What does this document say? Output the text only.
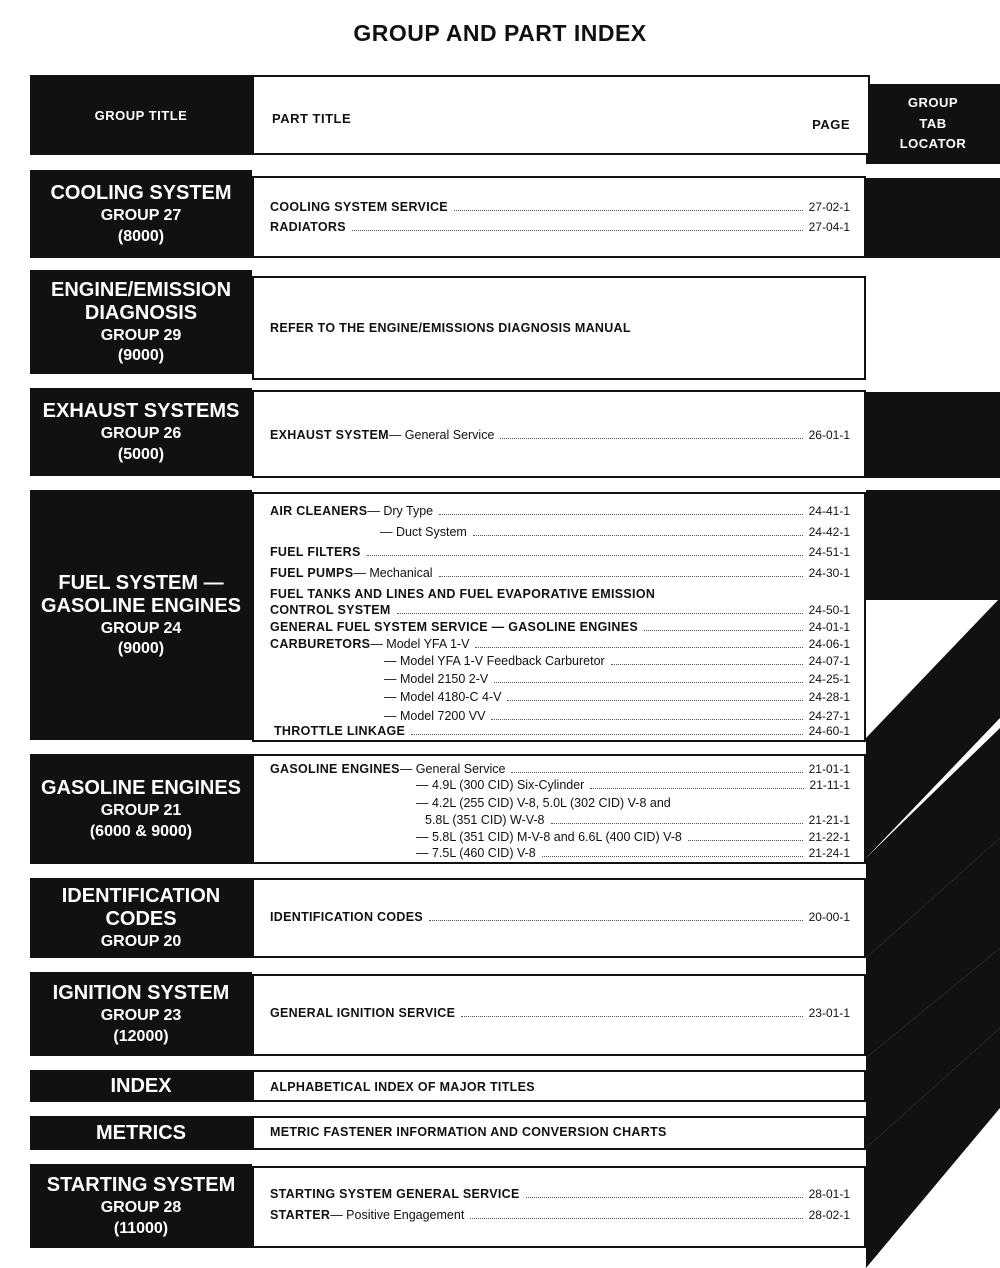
GROUP AND PART INDEX
GROUP TITLE	PART TITLE	PAGE
GROUP
TAB
LOCATOR
COOLING SYSTEM
GROUP 27
(8000)
COOLING SYSTEM SERVICE	27-02-1
RADIATORS	27-04-1
ENGINE/EMISSION
DIAGNOSIS
GROUP 29
(9000)
REFER TO THE ENGINE/EMISSIONS DIAGNOSIS MANUAL
EXHAUST SYSTEMS
GROUP 26
(5000)
EXHAUST SYSTEM — General Service	26-01-1
FUEL SYSTEM —
GASOLINE ENGINES
GROUP 24
(9000)
AIR CLEANERS — Dry Type	24-41-1
— Duct System	24-42-1
FUEL FILTERS	24-51-1
FUEL PUMPS — Mechanical	24-30-1
FUEL TANKS AND LINES AND FUEL EVAPORATIVE EMISSION
CONTROL SYSTEM	24-50-1
GENERAL FUEL SYSTEM SERVICE — GASOLINE ENGINES	24-01-1
CARBURETORS — Model YFA 1-V	24-06-1
— Model YFA 1-V Feedback Carburetor	24-07-1
— Model 2150 2-V	24-25-1
— Model 4180-C 4-V	24-28-1
— Model 7200 VV	24-27-1
THROTTLE LINKAGE	24-60-1
GASOLINE ENGINES
GROUP 21
(6000 & 9000)
GASOLINE ENGINES — General Service	21-01-1
— 4.9L (300 CID) Six-Cylinder	21-11-1
— 4.2L (255 CID) V-8, 5.0L (302 CID) V-8 and
5.8L (351 CID) W-V-8	21-21-1
— 5.8L (351 CID) M-V-8 and 6.6L (400 CID) V-8	21-22-1
— 7.5L (460 CID) V-8	21-24-1
IDENTIFICATION
CODES
GROUP 20
IDENTIFICATION CODES	20-00-1
IGNITION SYSTEM
GROUP 23
(12000)
GENERAL IGNITION SERVICE	23-01-1
INDEX	ALPHABETICAL INDEX OF MAJOR TITLES
METRICS	METRIC FASTENER INFORMATION AND CONVERSION CHARTS
STARTING SYSTEM
GROUP 28
(11000)
STARTING SYSTEM GENERAL SERVICE	28-01-1
STARTER — Positive Engagement	28-02-1
